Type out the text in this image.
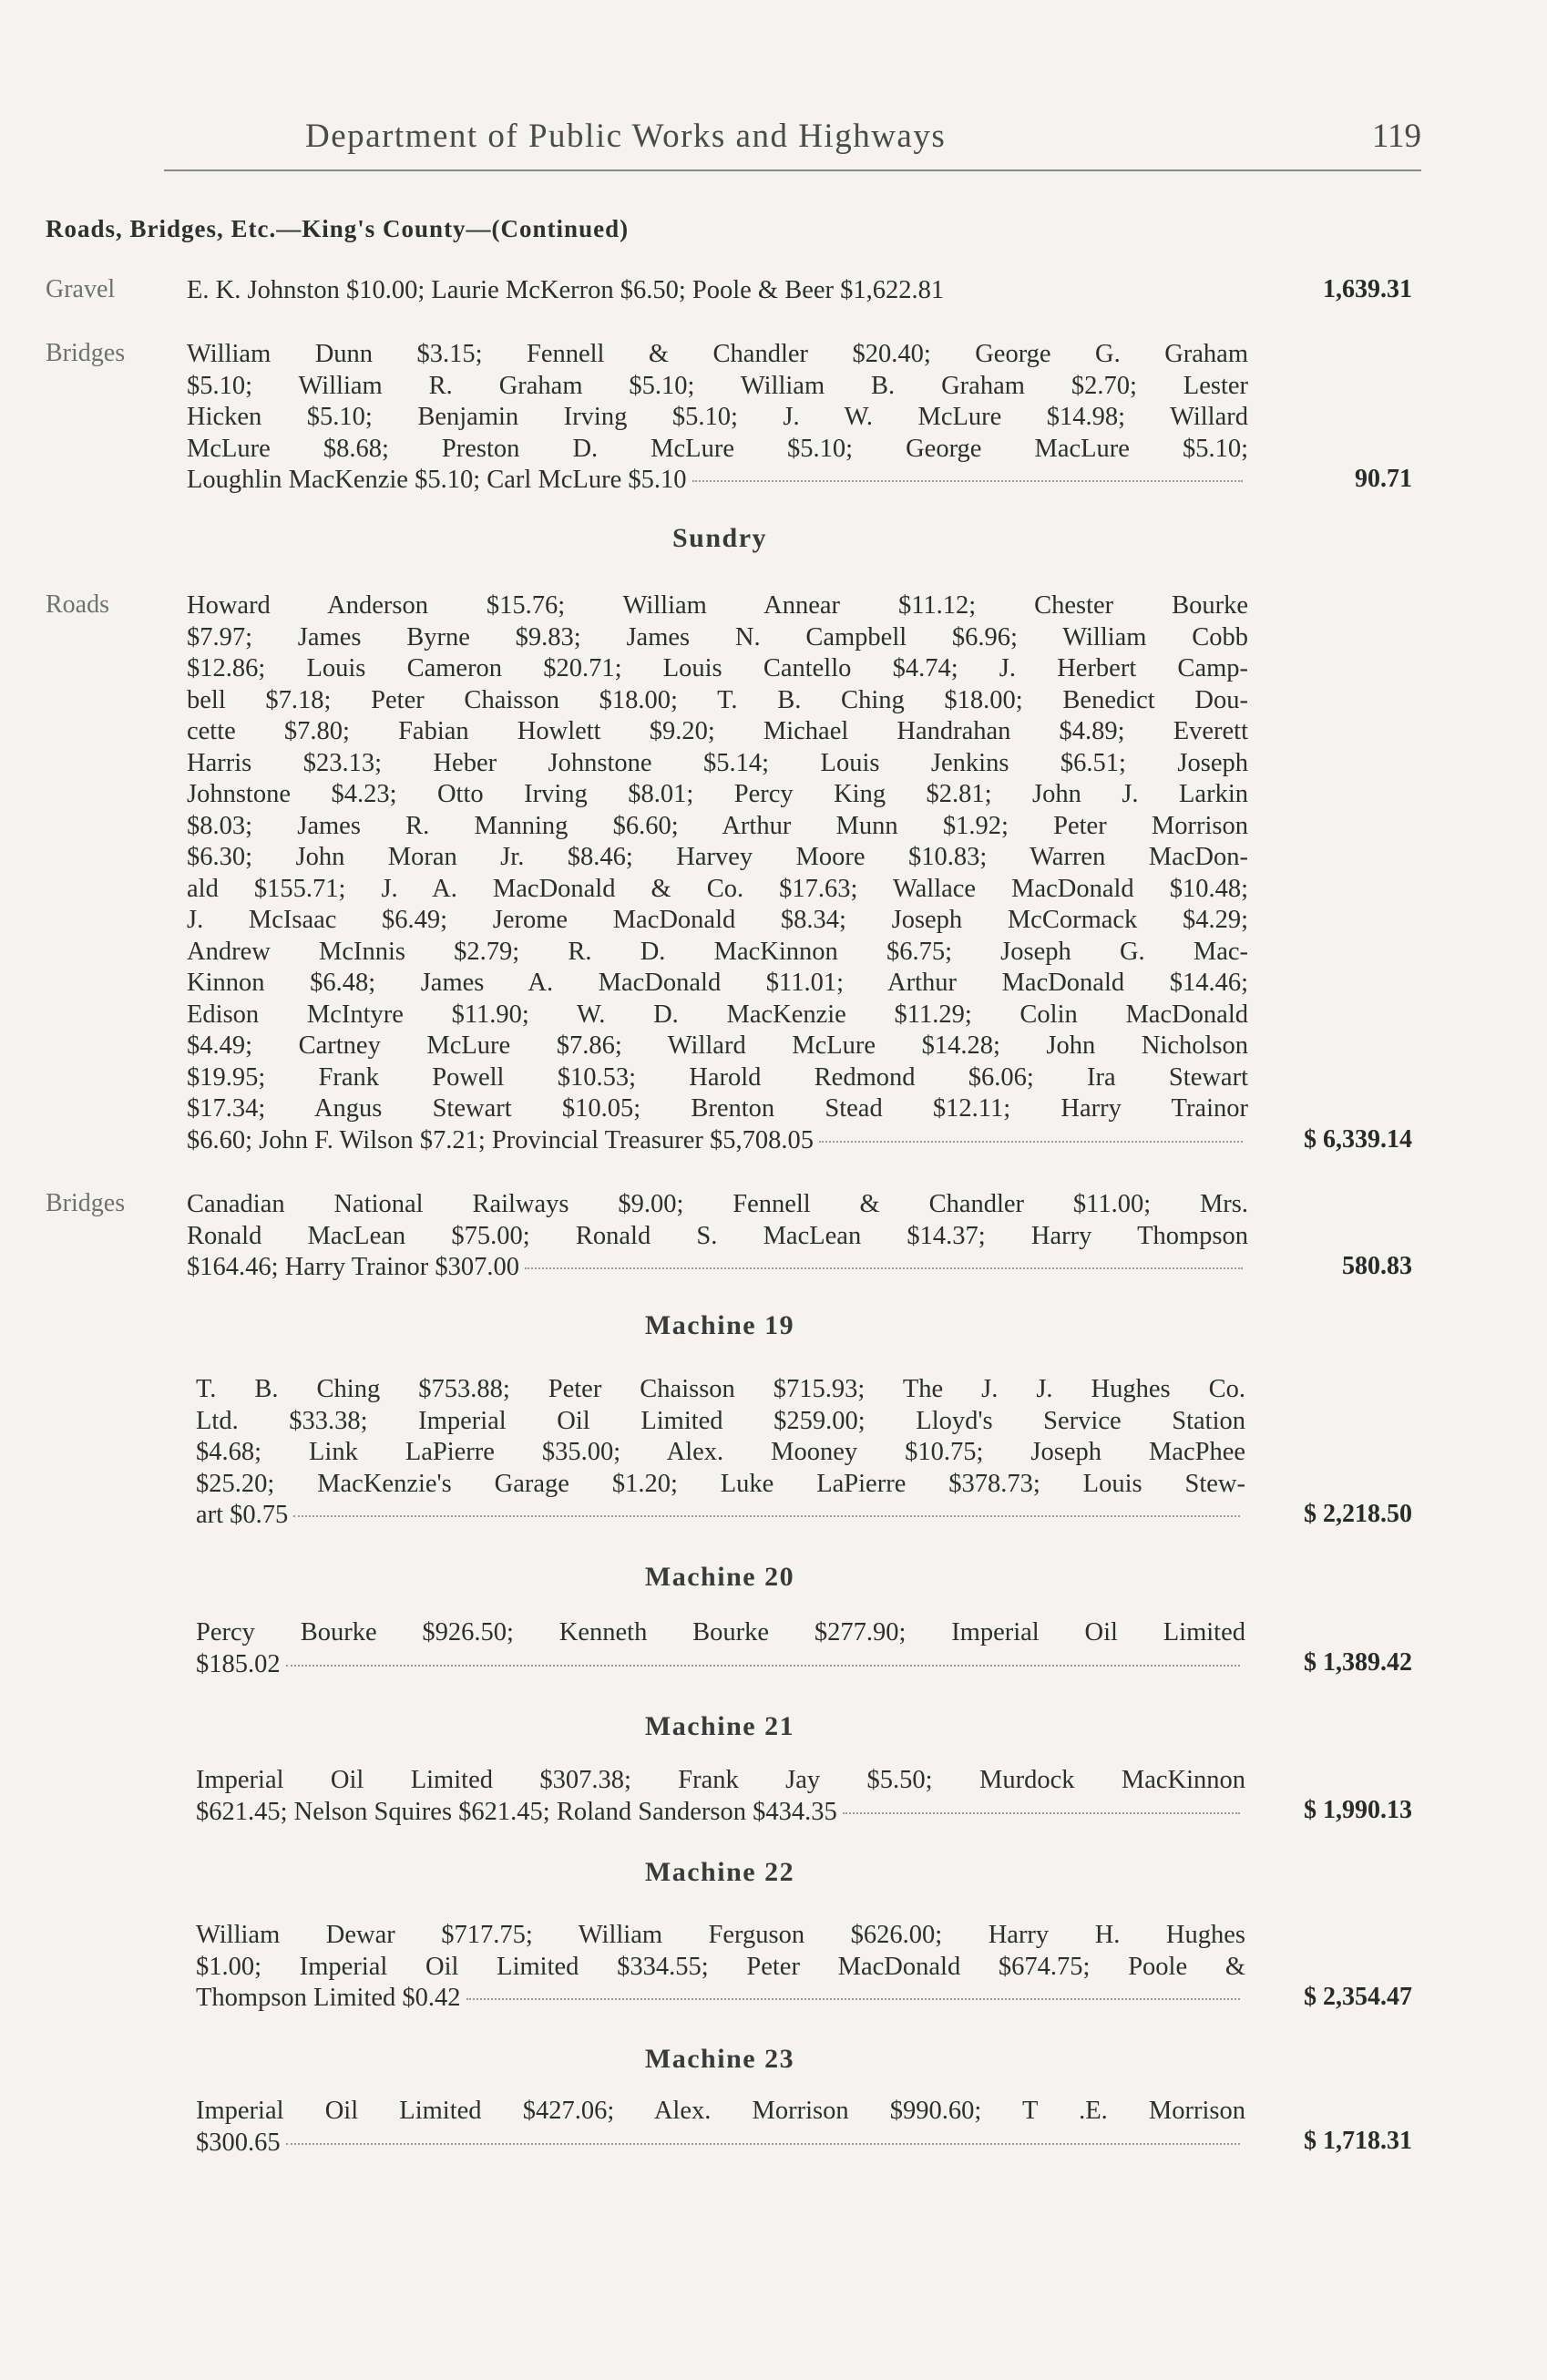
Department of Public Works and Highways	119
Roads, Bridges, Etc.—King's County—(Continued)
Gravel	E. K. Johnston $10.00; Laurie McKerron $6.50; Poole & Beer $1,622.81	1,639.31
Bridges William Dunn $3.15; Fennell & Chandler $20.40; George G. Graham
$5.10; William R. Graham $5.10; William B. Graham $2.70; Lester
Hicken $5.10; Benjamin Irving $5.10; J. W. McLure $14.98; Willard
McLure $8.68; Preston D. McLure $5.10; George MacLure $5.10;
Loughlin MacKenzie $5.10; Carl McLure $5.10	90.71
Sundry
Roads	Howard Anderson $15.76; William Annear $11.12; Chester Bourke
$7.97; James Byrne $9.83; James N. Campbell $6.96; William Cobb
$12.86; Louis Cameron $20.71; Louis Cantello $4.74; J. Herbert Camp-
bell $7.18; Peter Chaisson $18.00; T. B. Ching $18.00; Benedict Dou-
cette $7.80; Fabian Howlett $9.20; Michael Handrahan $4.89; Everett
Harris $23.13; Heber Johnstone $5.14; Louis Jenkins $6.51; Joseph
Johnstone $4.23; Otto Irving $8.01; Percy King $2.81; John J. Larkin
$8.03; James R. Manning $6.60; Arthur Munn $1.92; Peter Morrison
$6.30; John Moran Jr. $8.46; Harvey Moore $10.83; Warren MacDon-
ald $155.71; J. A. MacDonald & Co. $17.63; Wallace MacDonald $10.48;
J. McIsaac $6.49; Jerome MacDonald $8.34; Joseph McCormack $4.29;
Andrew McInnis $2.79; R. D. MacKinnon $6.75; Joseph G. Mac-
Kinnon $6.48; James A. MacDonald $11.01; Arthur MacDonald $14.46;
Edison McIntyre $11.90; W. D. MacKenzie $11.29; Colin MacDonald
$4.49; Cartney McLure $7.86; Willard McLure $14.28; John Nicholson
$19.95; Frank Powell $10.53; Harold Redmond $6.06; Ira Stewart
$17.34; Angus Stewart $10.05; Brenton Stead $12.11; Harry Trainor
$6.60; John F. Wilson $7.21; Provincial Treasurer $5,708.05	$ 6,339.14
Bridges Canadian National Railways $9.00; Fennell & Chandler $11.00; Mrs.
Ronald MacLean $75.00; Ronald S. MacLean $14.37; Harry Thompson
$164.46; Harry Trainor $307.00	580.83
Machine 19
T. B. Ching $753.88; Peter Chaisson $715.93; The J. J. Hughes Co.
Ltd. $33.38; Imperial Oil Limited $259.00; Lloyd's Service Station
$4.68; Link LaPierre $35.00; Alex. Mooney $10.75; Joseph MacPhee
$25.20; MacKenzie's Garage $1.20; Luke LaPierre $378.73; Louis Stew-
art $0.75	$ 2,218.50
Machine 20
Percy Bourke $926.50; Kenneth Bourke $277.90; Imperial Oil Limited
$185.02	$ 1,389.42
Machine 21
Imperial Oil Limited $307.38; Frank Jay $5.50; Murdock MacKinnon
$621.45; Nelson Squires $621.45; Roland Sanderson $434.35	$ 1,990.13
Machine 22
William Dewar $717.75; William Ferguson $626.00; Harry H. Hughes
$1.00; Imperial Oil Limited $334.55; Peter MacDonald $674.75; Poole &
Thompson Limited $0.42	$ 2,354.47
Machine 23
Imperial Oil Limited $427.06; Alex. Morrison $990.60; T .E. Morrison
$300.65	$ 1,718.31
